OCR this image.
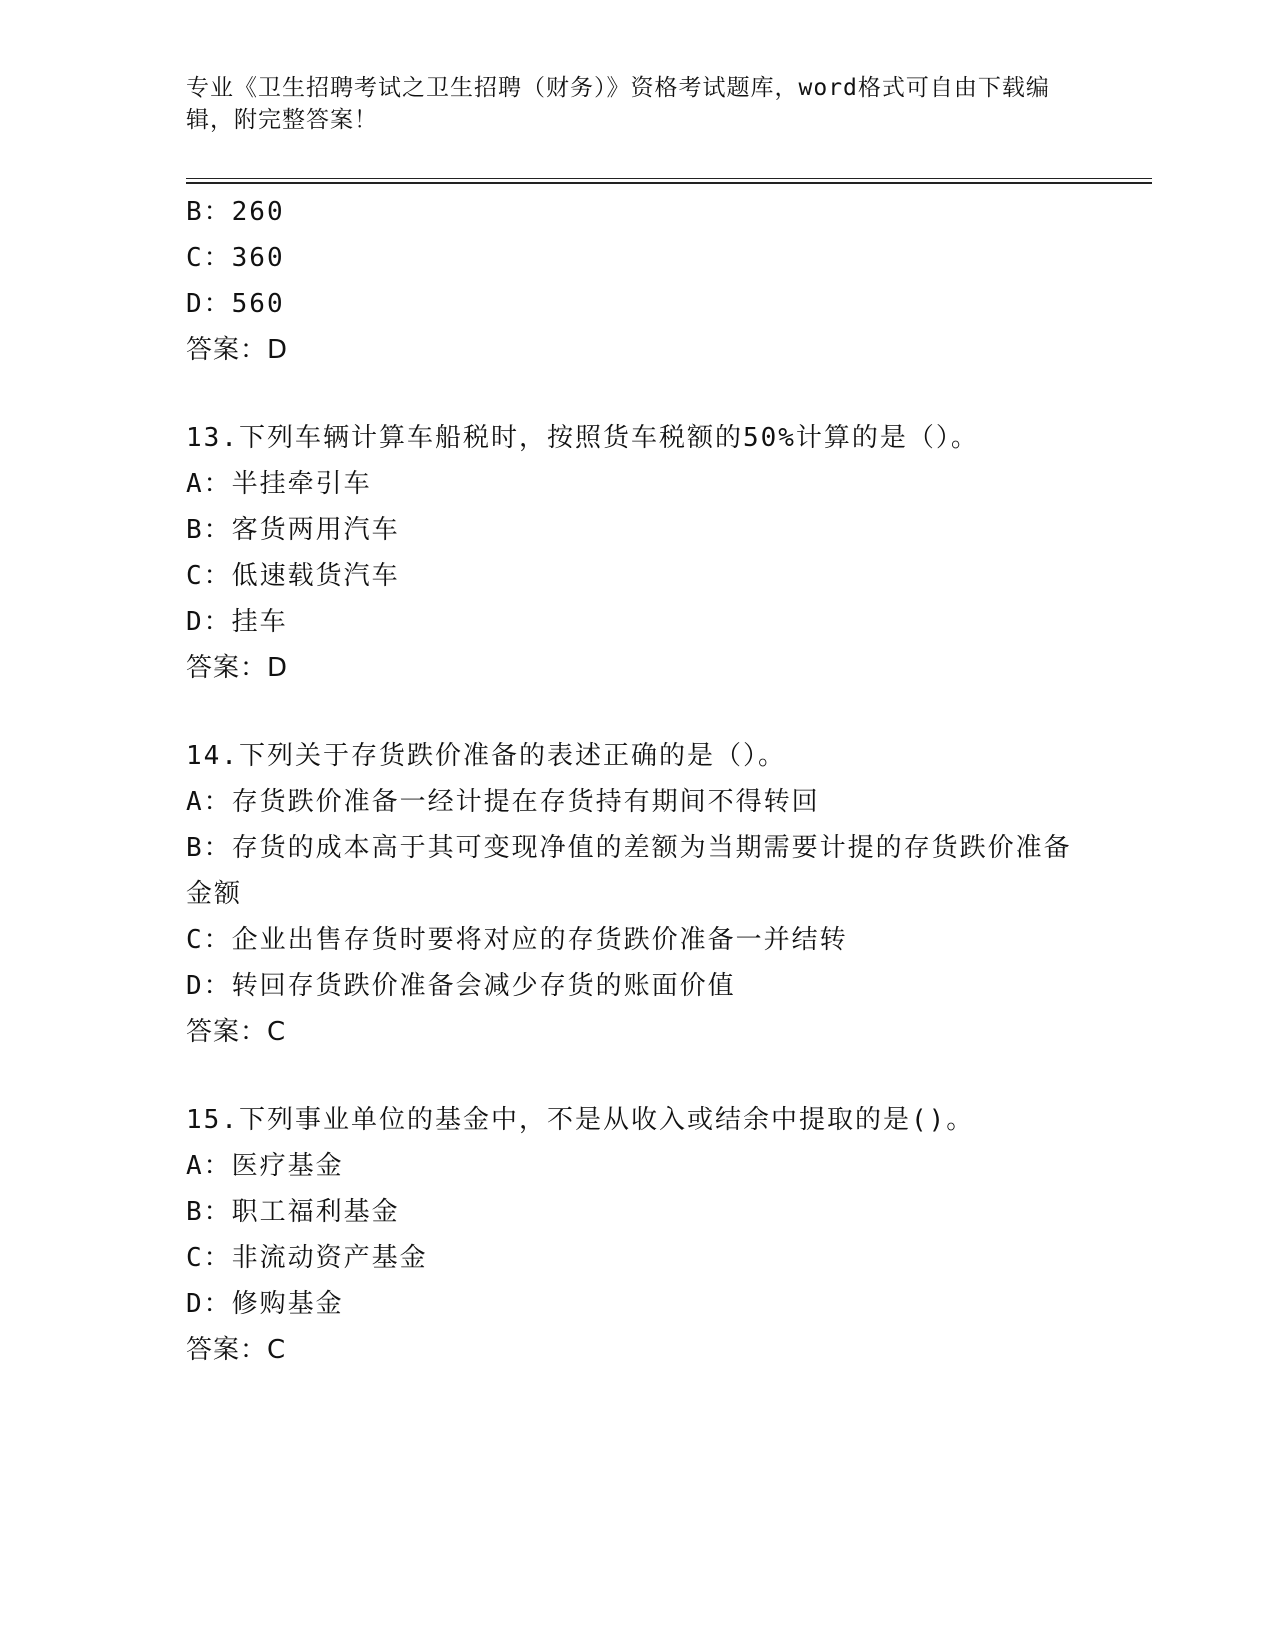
专业《卫生招聘考试之卫生招聘（财务）》资格考试题库，word格式可自由下载编辑，附完整答案！
B：260
C：360
D：560
答案：D
13.下列车辆计算车船税时，按照货车税额的50%计算的是（）。
A：半挂牵引车
B：客货两用汽车
C：低速载货汽车
D：挂车
答案：D
14.下列关于存货跌价准备的表述正确的是（）。
A：存货跌价准备一经计提在存货持有期间不得转回
B：存货的成本高于其可变现净值的差额为当期需要计提的存货跌价准备金额
C：企业出售存货时要将对应的存货跌价准备一并结转
D：转回存货跌价准备会减少存货的账面价值
答案：C
15.下列事业单位的基金中，不是从收入或结余中提取的是()。
A：医疗基金
B：职工福利基金
C：非流动资产基金
D：修购基金
答案：C
